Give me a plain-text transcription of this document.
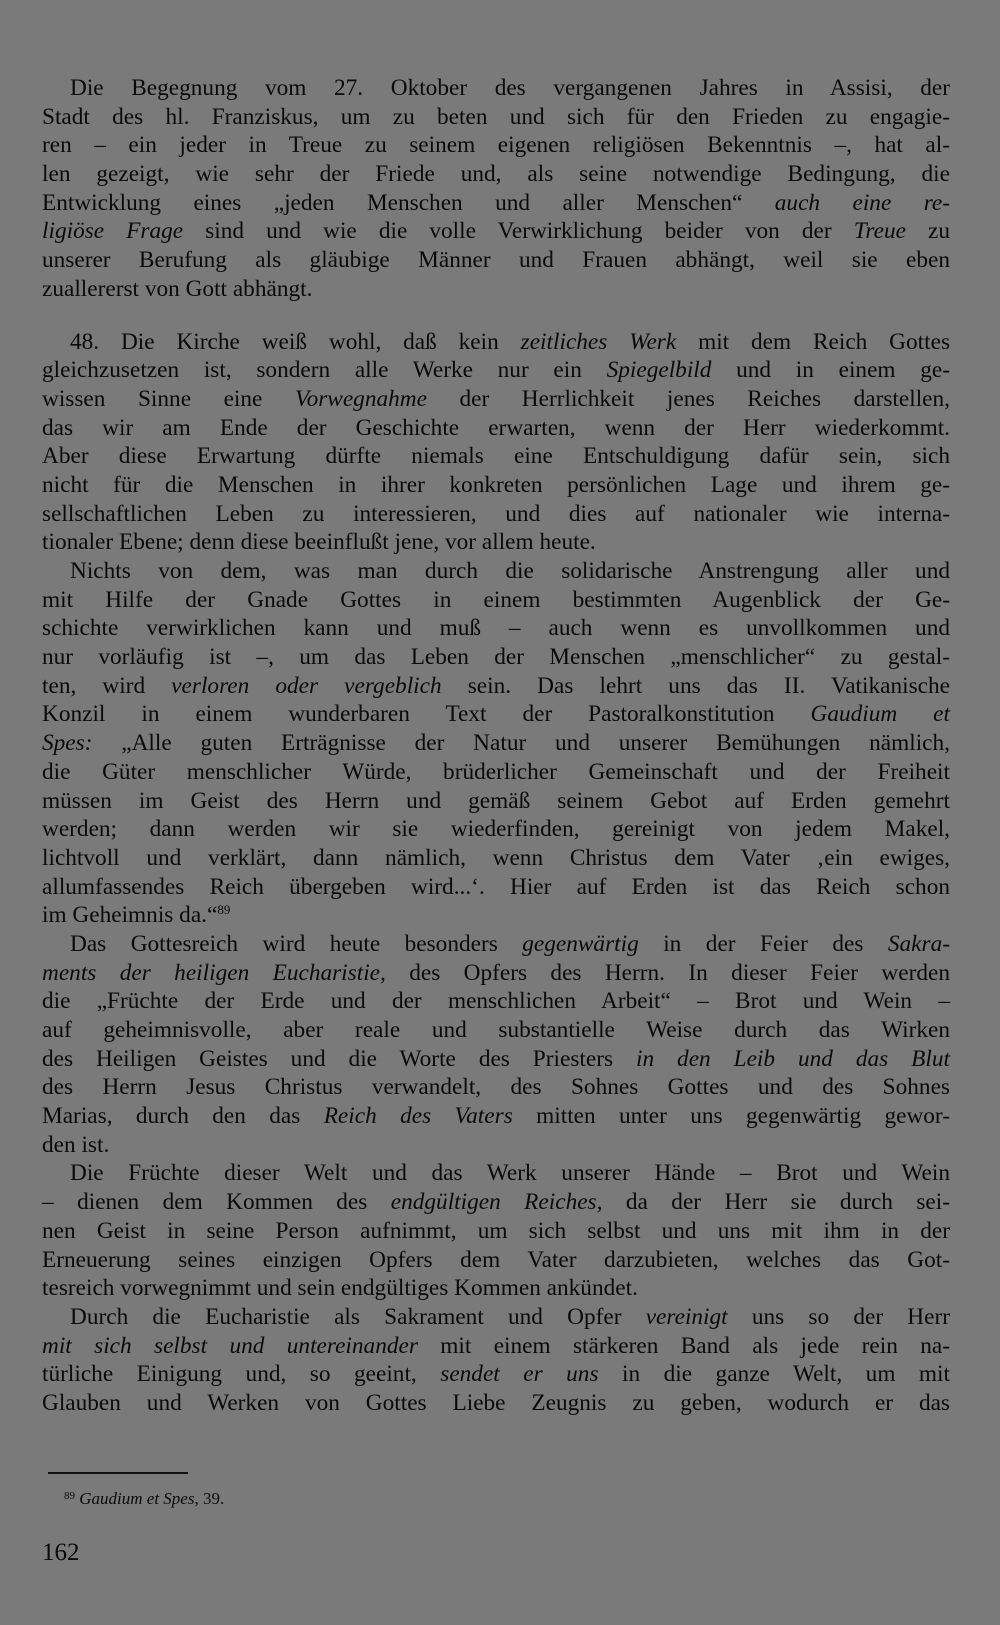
Die Begegnung vom 27. Oktober des vergangenen Jahres in Assisi, der
Stadt des hl. Franziskus, um zu beten und sich für den Frieden zu engagie-
ren – ein jeder in Treue zu seinem eigenen religiösen Bekenntnis –, hat al-
len gezeigt, wie sehr der Friede und, als seine notwendige Bedingung, die
Entwicklung eines „jeden Menschen und aller Menschen“ auch eine re-
ligiöse Frage sind und wie die volle Verwirklichung beider von der Treue zu
unserer Berufung als gläubige Männer und Frauen abhängt, weil sie eben
zuallererst von Gott abhängt.
48. Die Kirche weiß wohl, daß kein zeitliches Werk mit dem Reich Gottes
gleichzusetzen ist, sondern alle Werke nur ein Spiegelbild und in einem ge-
wissen Sinne eine Vorwegnahme der Herrlichkeit jenes Reiches darstellen,
das wir am Ende der Geschichte erwarten, wenn der Herr wiederkommt.
Aber diese Erwartung dürfte niemals eine Entschuldigung dafür sein, sich
nicht für die Menschen in ihrer konkreten persönlichen Lage und ihrem ge-
sellschaftlichen Leben zu interessieren, und dies auf nationaler wie interna-
tionaler Ebene; denn diese beeinflußt jene, vor allem heute.
Nichts von dem, was man durch die solidarische Anstrengung aller und
mit Hilfe der Gnade Gottes in einem bestimmten Augenblick der Ge-
schichte verwirklichen kann und muß – auch wenn es unvollkommen und
nur vorläufig ist –, um das Leben der Menschen „menschlicher“ zu gestal-
ten, wird verloren oder vergeblich sein. Das lehrt uns das II. Vatikanische
Konzil in einem wunderbaren Text der Pastoralkonstitution Gaudium et
Spes: „Alle guten Erträgnisse der Natur und unserer Bemühungen nämlich,
die Güter menschlicher Würde, brüderlicher Gemeinschaft und der Freiheit
müssen im Geist des Herrn und gemäß seinem Gebot auf Erden gemehrt
werden; dann werden wir sie wiederfinden, gereinigt von jedem Makel,
lichtvoll und verklärt, dann nämlich, wenn Christus dem Vater ‚ein ewiges,
allumfassendes Reich übergeben wird...‘. Hier auf Erden ist das Reich schon
im Geheimnis da.“$^{89}$
Das Gottesreich wird heute besonders gegenwärtig in der Feier des Sakra-
ments der heiligen Eucharistie, des Opfers des Herrn. In dieser Feier werden
die „Früchte der Erde und der menschlichen Arbeit“ – Brot und Wein –
auf geheimnisvolle, aber reale und substantielle Weise durch das Wirken
des Heiligen Geistes und die Worte des Priesters in den Leib und das Blut
des Herrn Jesus Christus verwandelt, des Sohnes Gottes und des Sohnes
Marias, durch den das Reich des Vaters mitten unter uns gegenwärtig gewor-
den ist.
Die Früchte dieser Welt und das Werk unserer Hände – Brot und Wein
– dienen dem Kommen des endgültigen Reiches, da der Herr sie durch sei-
nen Geist in seine Person aufnimmt, um sich selbst und uns mit ihm in der
Erneuerung seines einzigen Opfers dem Vater darzubieten, welches das Got-
tesreich vorwegnimmt und sein endgültiges Kommen ankündet.
Durch die Eucharistie als Sakrament und Opfer vereinigt uns so der Herr
mit sich selbst und untereinander mit einem stärkeren Band als jede rein na-
türliche Einigung und, so geeint, sendet er uns in die ganze Welt, um mit
Glauben und Werken von Gottes Liebe Zeugnis zu geben, wodurch er das
$^{89}$ Gaudium et Spes, 39.
162
